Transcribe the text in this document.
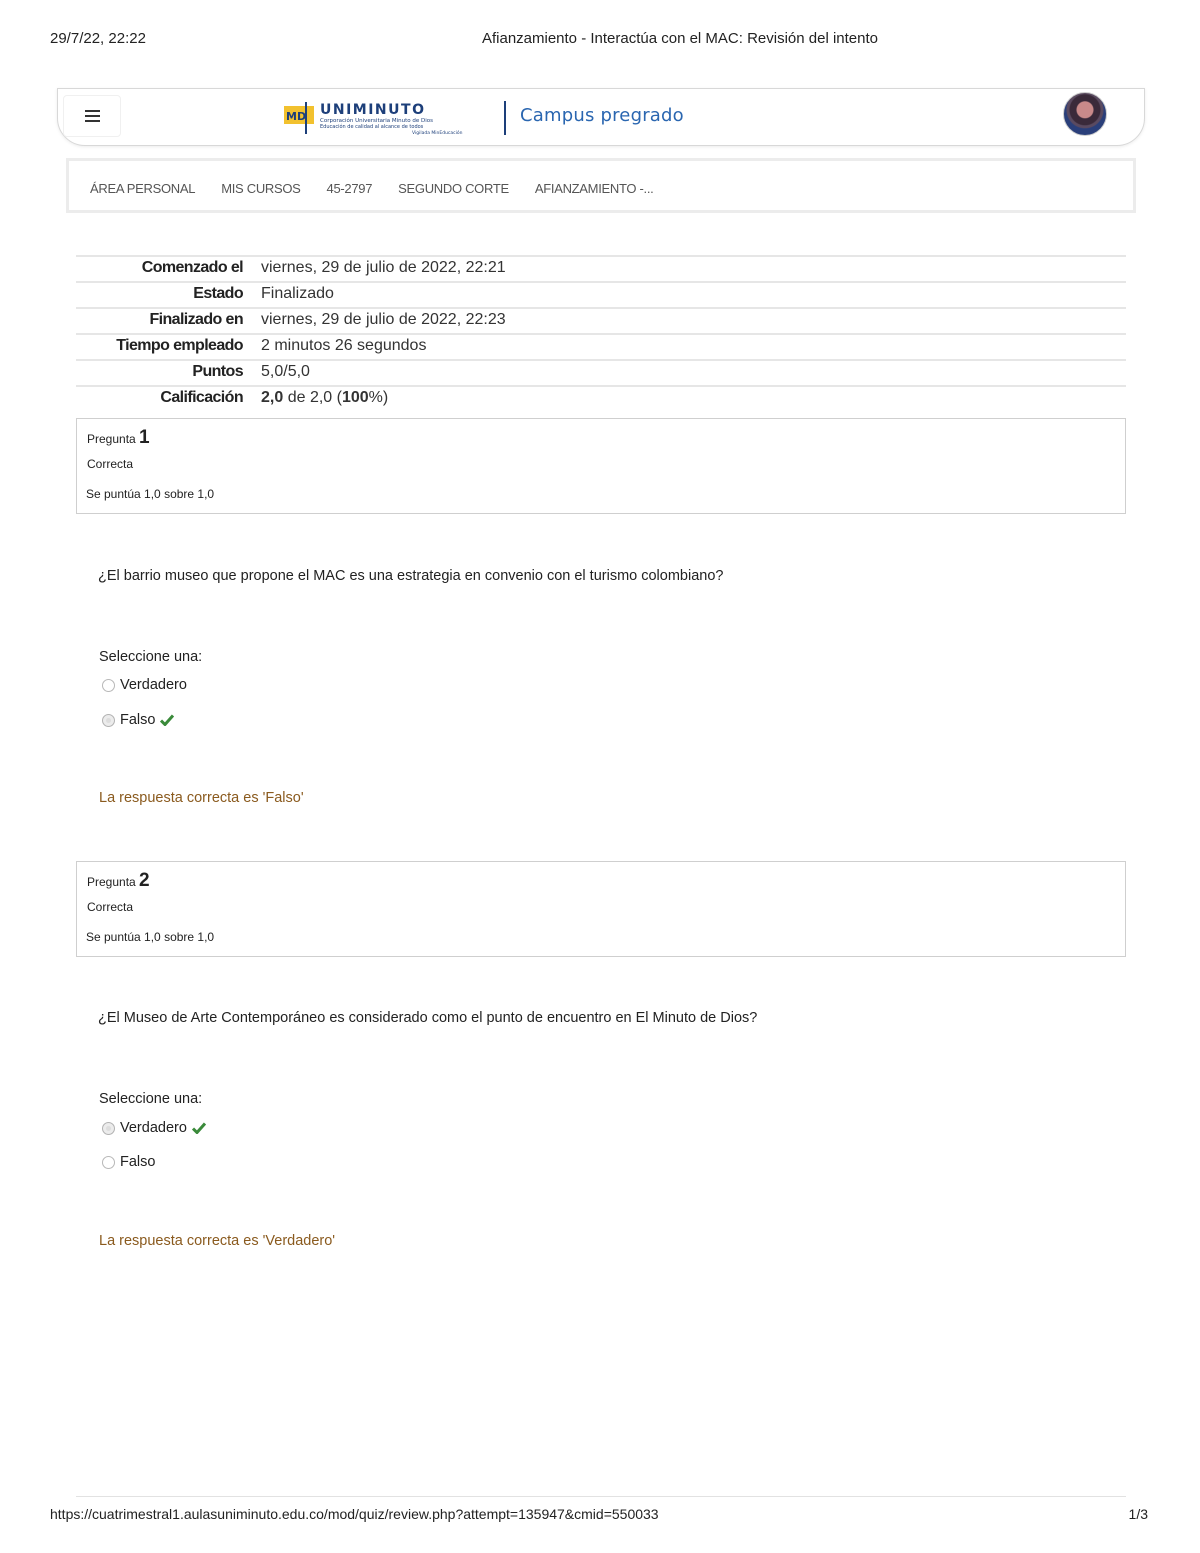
29/7/22, 22:22	Afianzamiento - Interactúa con el MAC: Revisión del intento
MD UNIMINUTO
Corporación Universitaria Minuto de Dios
Educación de calidad al alcance de todos
Vigilada MinEducación
Campus pregrado
ÁREA PERSONAL MIS CURSOS 45-2797 SEGUNDO CORTE AFIANZAMIENTO -...
Comenzado el viernes, 29 de julio de 2022, 22:21
Estado Finalizado
Finalizado en viernes, 29 de julio de 2022, 22:23
Tiempo empleado 2 minutos 26 segundos
Puntos 5,0/5,0
Calificación 2,0 de 2,0 (100%)
Pregunta 1
Correcta
Se puntúa 1,0 sobre 1,0
¿El barrio museo que propone el MAC es una estrategia en convenio con el turismo colombiano?
Seleccione una:
Verdadero
Falso
La respuesta correcta es 'Falso'
Pregunta 2
Correcta
Se puntúa 1,0 sobre 1,0
¿El Museo de Arte Contemporáneo es considerado como el punto de encuentro en El Minuto de Dios?
Seleccione una:
Verdadero
Falso
La respuesta correcta es 'Verdadero'
https://cuatrimestral1.aulasuniminuto.edu.co/mod/quiz/review.php?attempt=135947&cmid=550033	1/3
